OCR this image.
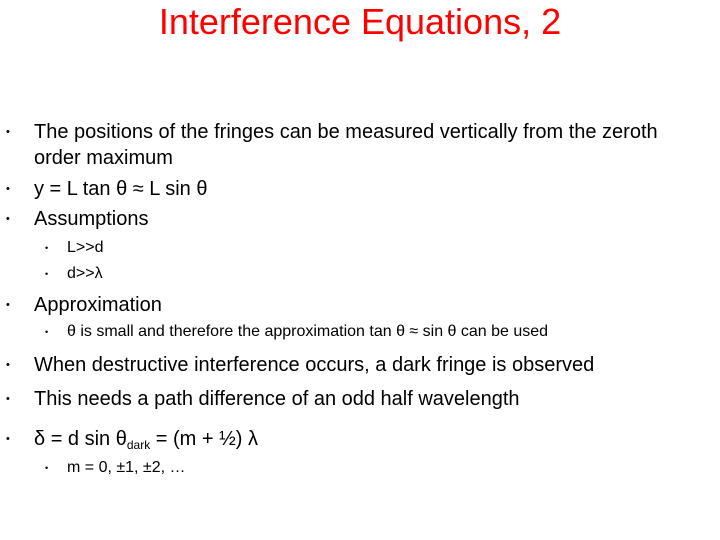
Interference Equations, 2
• The positions of the fringes can be measured vertically from the zeroth order maximum
• y = L tan θ ≈ L sin θ
• Assumptions
• L>>d
• d>>λ
• Approximation
• θ is small and therefore the approximation tan θ ≈ sin θ can be used
• When destructive interference occurs, a dark fringe is observed
• This needs a path difference of an odd half wavelength
• δ = d $\sin \theta_{dark} = (m$ + ½) λ
• m = 0, ±1, ±2, …
